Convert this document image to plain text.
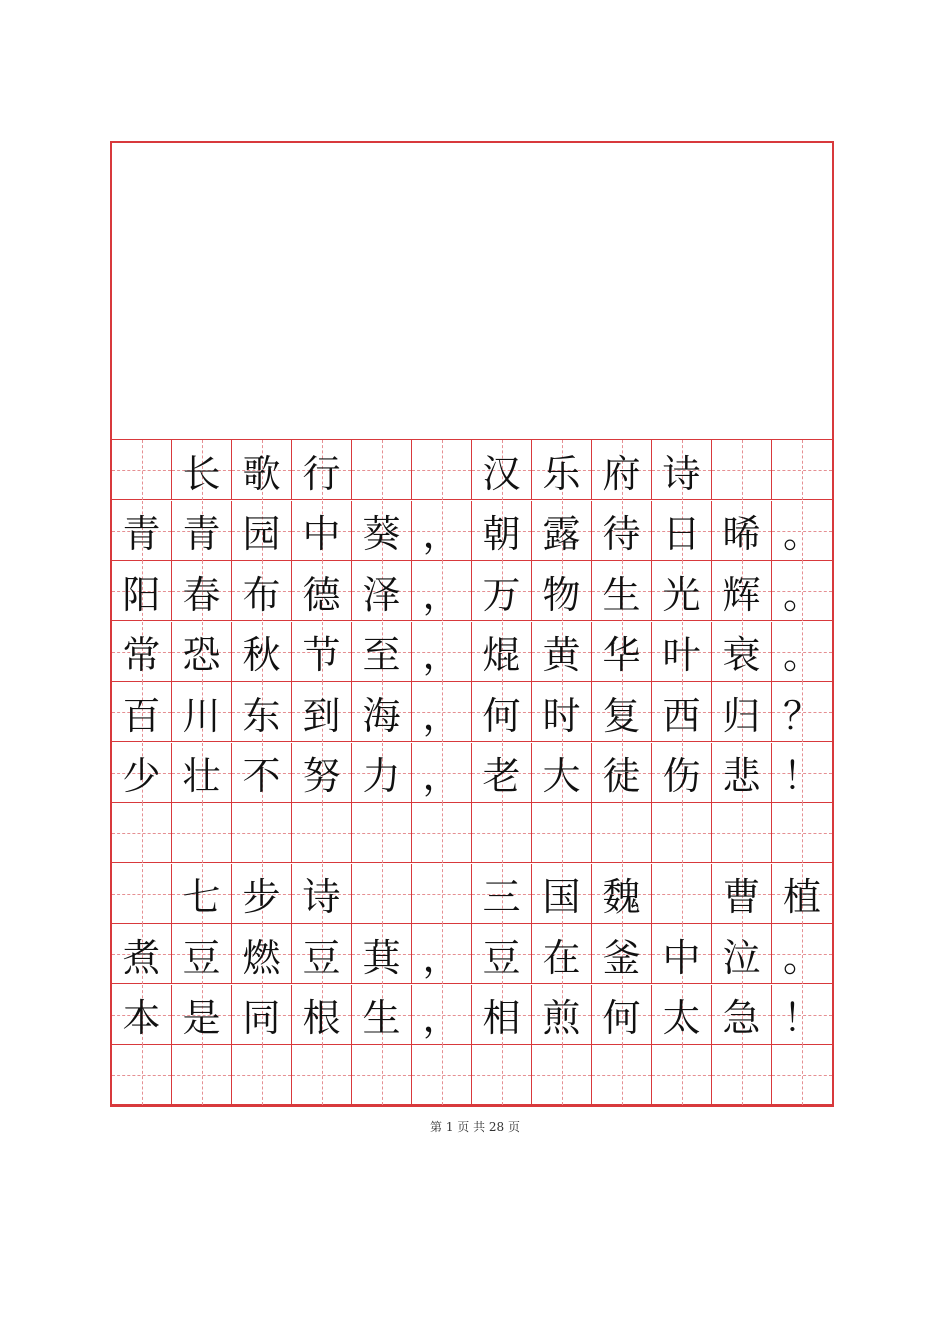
长 歌 行	汉 乐 府 诗
青 青 园 中 葵 ， 朝 露 待 日 晞 。
阳 春 布 德 泽 ， 万 物 生 光 辉 。
常 恐 秋 节 至 ， 焜 黄 华 叶 衰 。
百 川 东 到 海 ， 何 时 复 西 归 ？
少 壮 不 努 力 ， 老 大 徒 伤 悲 ！
七 步 诗	三 国 魏 曹 植
煮 豆 燃 豆 萁 ， 豆 在 釜 中 泣 。
本 是 同 根 生 ， 相 煎 何 太 急 ！
第 1 页 共 28 页
